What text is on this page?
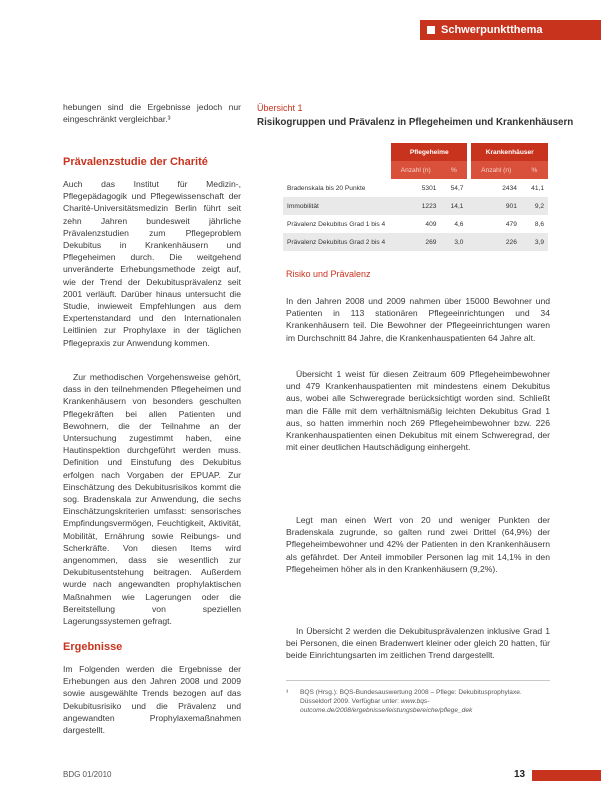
Schwerpunktthema
hebungen sind die Ergebnisse jedoch nur eingeschränkt vergleichbar.³
Prävalenzstudie der Charité
Auch das Institut für Medizin-, Pflegepädagogik und Pflegewissenschaft der Charité-Universitätsmedizin Berlin führt seit zehn Jahren bundesweit jährliche Prävalenzstudien zum Pflegeproblem Dekubitus in Krankenhäusern und Pflegeheimen durch. Die weitgehend unveränderte Erhebungsmethode zeigt auf, wie der Trend der Dekubitusprävalenz seit 2001 verläuft. Darüber hinaus untersucht die Studie, inwieweit Empfehlungen aus dem Expertenstandard und den Internationalen Leitlinien zur Prophylaxe in der täglichen Pflegepraxis zur Anwendung kommen.
Zur methodischen Vorgehensweise gehört, dass in den teilnehmenden Pflegeheimen und Krankenhäusern von besonders geschulten Pflegekräften bei allen Patienten und Bewohnern, die der Teilnahme an der Untersuchung zugestimmt haben, eine Hautinspektion durchgeführt werden muss. Definition und Einstufung des Dekubitus erfolgen nach Vorgaben der EPUAP. Zur Einschätzung des Dekubitusrisikos kommt die sog. Bradenskala zur Anwendung, die sechs Einschätzungskriterien umfasst: sensorisches Empfindungsvermögen, Feuchtigkeit, Aktivität, Mobilität, Ernährung sowie Reibungs- und Scherkräfte. Von diesen Items wird angenommen, dass sie wesentlich zur Dekubitusentstehung beitragen. Außerdem wurde nach angewandten prophylaktischen Maßnahmen wie Lagerungen oder die Bereitstellung von speziellen Lagerungssystemen gefragt.
Ergebnisse
Im Folgenden werden die Ergebnisse der Erhebungen aus den Jahren 2008 und 2009 sowie ausgewählte Trends bezogen auf das Dekubitusrisiko und die Prävalenz und angewandten Prophylaxemaßnahmen dargestellt.
Übersicht 1
Risikogruppen und Prävalenz in Pflegeheimen und Krankenhäusern
	Pflegeheime			Krankenhäuser	
	Anzahl (n)	%		Anzahl (n)	%
Bradenskala bis 20 Punkte	5301	54,7		2434	41,1
Immobilität	1223	14,1		901	9,2
Prävalenz Dekubitus Grad 1 bis 4	409	4,6		479	8,6
Prävalenz Dekubitus Grad 2 bis 4	269	3,0		226	3,9
Risiko und Prävalenz
In den Jahren 2008 und 2009 nahmen über 15000 Bewohner und Patienten in 113 stationären Pflegeeinrichtungen und 34 Krankenhäusern teil. Die Bewohner der Pflegeeinrichtungen waren im Durchschnitt 84 Jahre, die Krankenhauspatienten 64 Jahre alt.
Übersicht 1 weist für diesen Zeitraum 609 Pflegeheimbewohner und 479 Krankenhauspatienten mit mindestens einem Dekubitus aus, wobei alle Schweregrade berücksichtigt worden sind. Schließt man die Fälle mit dem verhältnismäßig leichten Dekubitus Grad 1 aus, so hatten immerhin noch 269 Pflegeheimbewohner bzw. 226 Krankenhauspatienten einen Dekubitus mit einem Schweregrad, der mit einer deutlichen Hautschädigung einhergeht.
Legt man einen Wert von 20 und weniger Punkten der Bradenskala zugrunde, so galten rund zwei Drittel (64,9%) der Pflegeheimbewohner und 42% der Patienten in den Krankenhäusern als gefährdet. Der Anteil immobiler Personen lag mit 14,1% in den Pflegeheimen höher als in den Krankenhäusern (9,2%).
In Übersicht 2 werden die Dekubitusprävalenzen inklusive Grad 1 bei Personen, die einen Bradenwert kleiner oder gleich 20 hatten, für beide Einrichtungsarten im zeitlichen Trend dargestellt.
³	BQS (Hrsg.): BQS-Bundesauswertung 2008 – Pflege: Dekubitusprophylaxe. Düsseldorf 2009. Verfügbar unter: www.bqs-outcome.de/2008/ergebnisse/leistungsbereiche/pflege_dek
BDG 01/2010	13
